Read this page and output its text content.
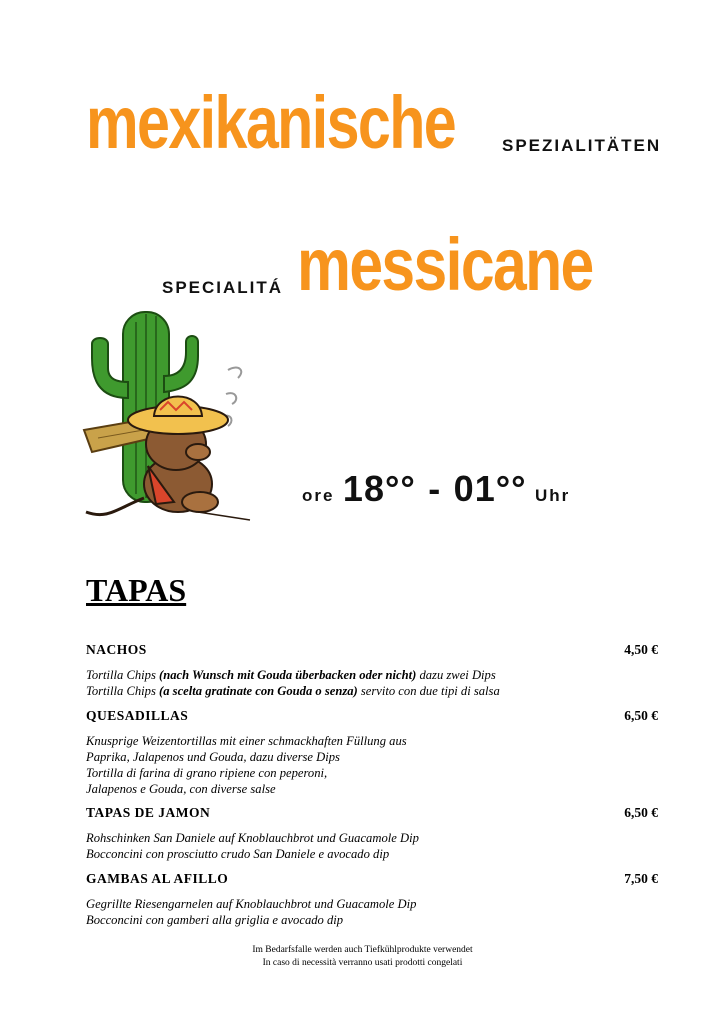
mexikanische	SPEZIALITÄTEN
messicane
SPECIALITÁ
ore 18°° - 01°° Uhr
TAPAS
NACHOS	4,50 €
Tortilla Chips (nach Wunsch mit Gouda überbacken oder nicht) dazu zwei Dips
Tortilla Chips (a scelta gratinate con Gouda o senza) servito con due tipi di salsa
QUESADILLAS	6,50 €
Knusprige Weizentortillas mit einer schmackhaften Füllung aus
Paprika, Jalapenos und Gouda, dazu diverse Dips
Tortilla di farina di grano ripiene con peperoni,
Jalapenos e Gouda, con diverse salse
TAPAS DE JAMON	6,50 €
Rohschinken San Daniele auf Knoblauchbrot und Guacamole Dip
Bocconcini con prosciutto crudo San Daniele e avocado dip
GAMBAS AL AFILLO	7,50 €
Gegrillte Riesengarnelen auf Knoblauchbrot und Guacamole Dip
Bocconcini con gamberi alla griglia e avocado dip
Im Bedarfsfalle werden auch Tiefkühlprodukte verwendet
In caso di necessità verranno usati prodotti congelati
